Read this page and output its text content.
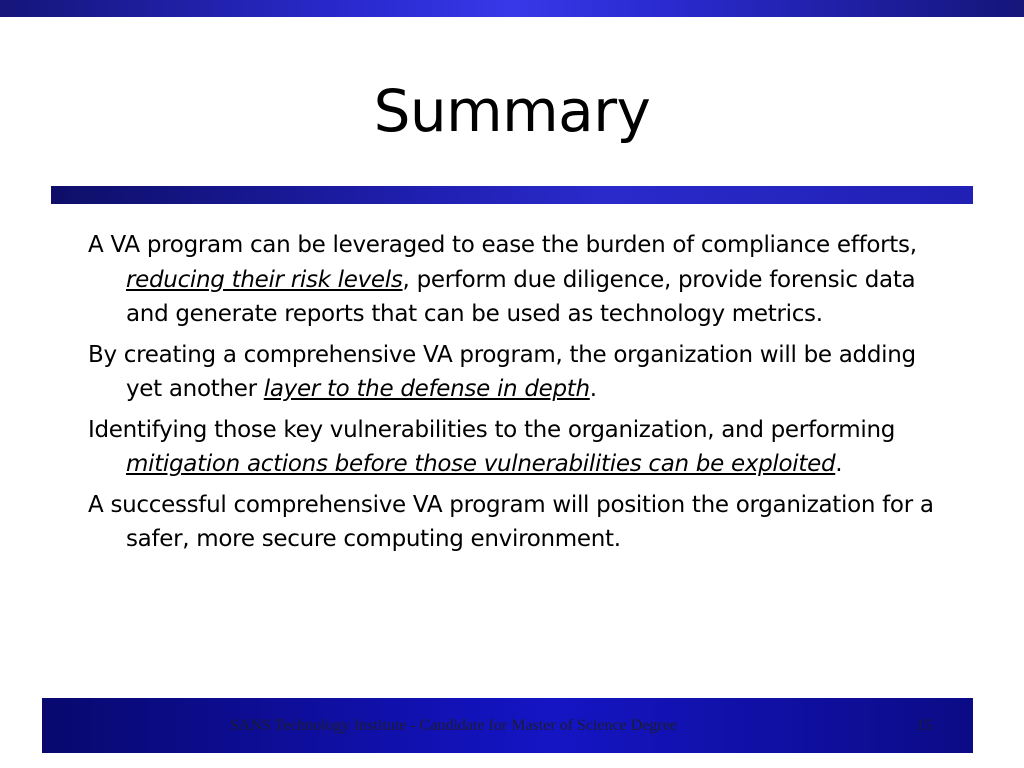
Summary

A VA program can be leveraged to ease the burden of compliance efforts, reducing their risk levels, perform due diligence, provide forensic data and generate reports that can be used as technology metrics.

By creating a comprehensive VA program, the organization will be adding yet another layer to the defense in depth.

Identifying those key vulnerabilities to the organization, and performing mitigation actions before those vulnerabilities can be exploited.

A successful comprehensive VA program will position the organization for a safer, more secure computing environment.

SANS Technology Institute - Candidate for Master of Science Degree	15
